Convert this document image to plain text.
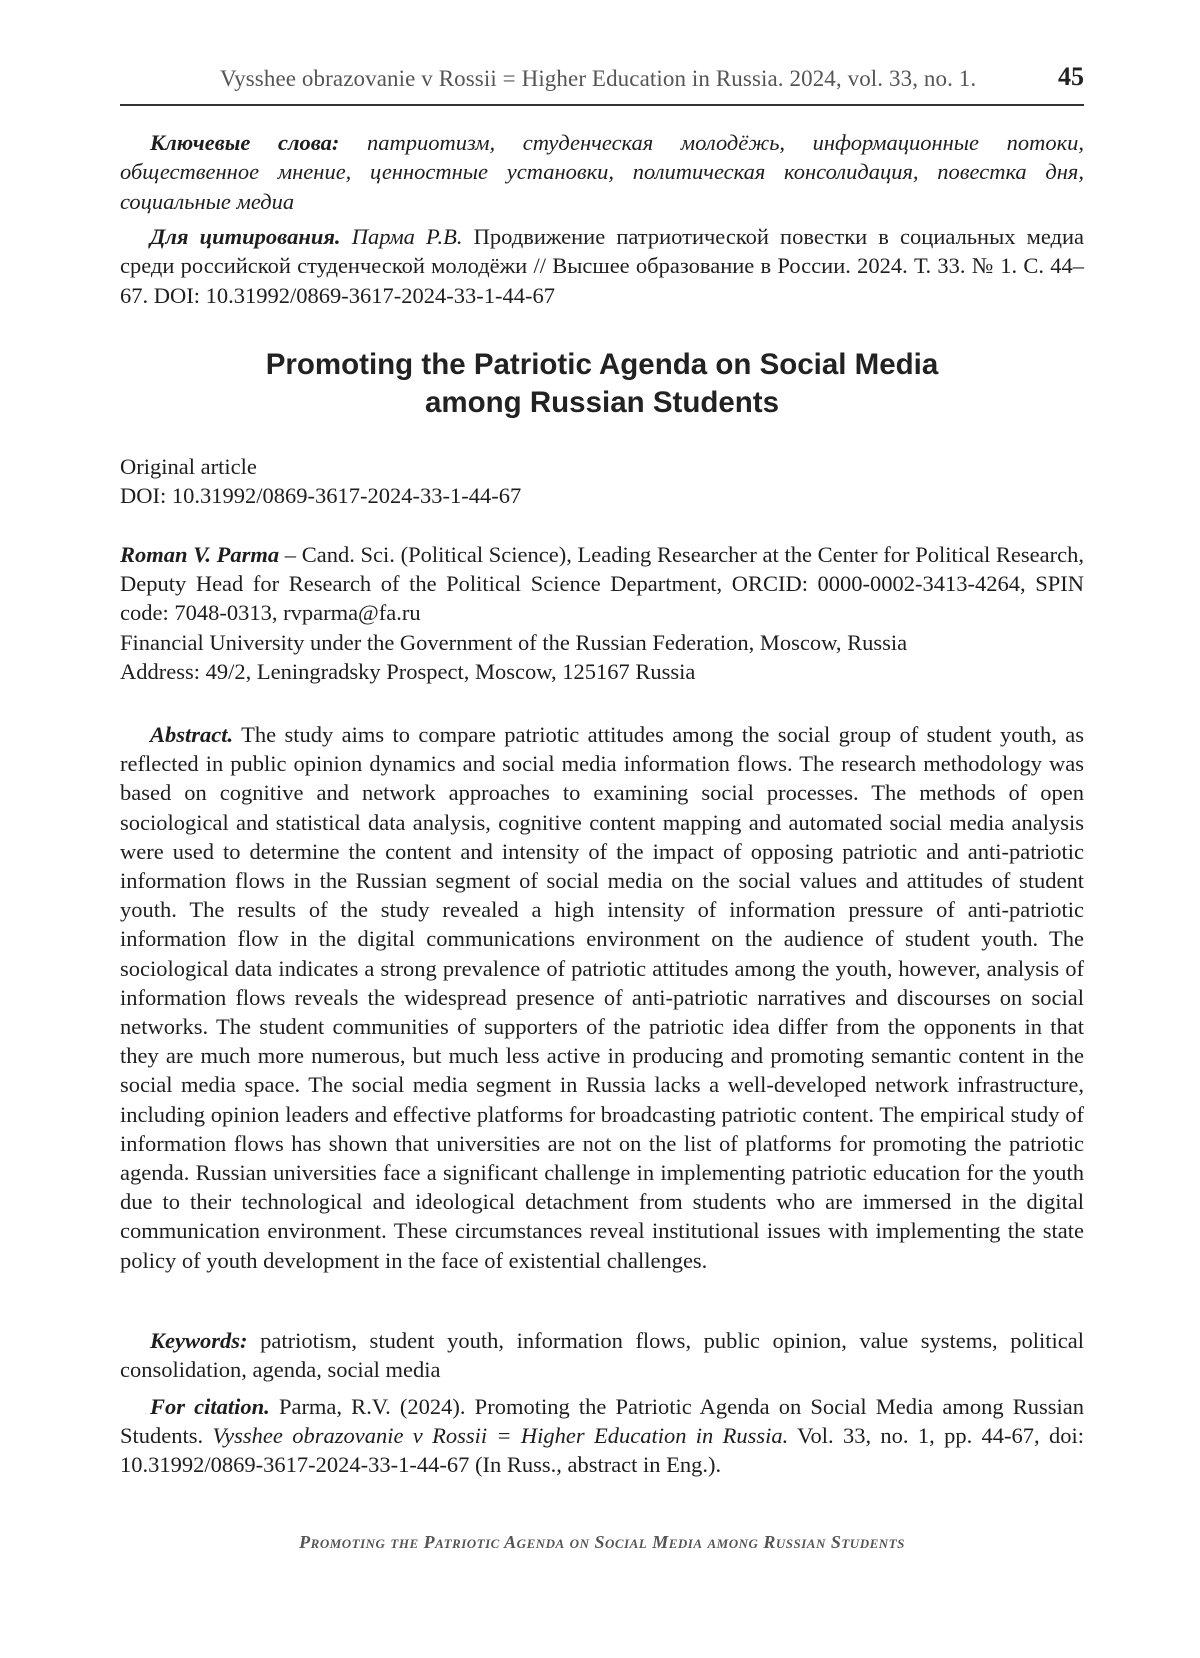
Vysshee obrazovanie v Rossii = Higher Education in Russia. 2024, vol. 33, no. 1.	45
Ключевые слова: патриотизм, студенческая молодёжь, информационные потоки, общественное мнение, ценностные установки, политическая консолидация, повестка дня, социальные медиа
Для цитирования. Парма Р.В. Продвижение патриотической повестки в социальных медиа среди российской студенческой молодёжи // Высшее образование в России. 2024. Т. 33. № 1. С. 44–67. DOI: 10.31992/0869-3617-2024-33-1-44-67
Promoting the Patriotic Agenda on Social Media
among Russian Students
Original article
DOI: 10.31992/0869-3617-2024-33-1-44-67
Roman V. Parma – Cand. Sci. (Political Science), Leading Researcher at the Center for Political Research, Deputy Head for Research of the Political Science Department, ORCID: 0000-0002-3413-4264, SPIN code: 7048-0313, rvparma@fa.ru
Financial University under the Government of the Russian Federation, Moscow, Russia
Address: 49/2, Leningradsky Prospect, Moscow, 125167 Russia
Abstract. The study aims to compare patriotic attitudes among the social group of student youth, as reflected in public opinion dynamics and social media information flows. The research methodology was based on cognitive and network approaches to examining social processes. The methods of open sociological and statistical data analysis, cognitive content mapping and automated social media analysis were used to determine the content and intensity of the impact of opposing patriotic and anti-patriotic information flows in the Russian segment of social media on the social values and attitudes of student youth. The results of the study revealed a high intensity of information pressure of anti-patriotic information flow in the digital communications environment on the audience of student youth. The sociological data indicates a strong prevalence of patriotic attitudes among the youth, however, analysis of information flows reveals the widespread presence of anti-patriotic narratives and discourses on social networks. The student communities of supporters of the patriotic idea differ from the opponents in that they are much more numerous, but much less active in producing and promoting semantic content in the social media space. The social media segment in Russia lacks a well-developed network infrastructure, including opinion leaders and effective platforms for broadcasting patriotic content. The empirical study of information flows has shown that universities are not on the list of platforms for promoting the patriotic agenda. Russian universities face a significant challenge in implementing patriotic education for the youth due to their technological and ideological detachment from students who are immersed in the digital communication environment. These circumstances reveal institutional issues with implementing the state policy of youth development in the face of existential challenges.
Keywords: patriotism, student youth, information flows, public opinion, value systems, political consolidation, agenda, social media
For citation. Parma, R.V. (2024). Promoting the Patriotic Agenda on Social Media among Russian Students. Vysshee obrazovanie v Rossii = Higher Education in Russia. Vol. 33, no. 1, pp. 44-67, doi: 10.31992/0869-3617-2024-33-1-44-67 (In Russ., abstract in Eng.).
Promoting the Patriotic Agenda on Social Media among Russian Students
